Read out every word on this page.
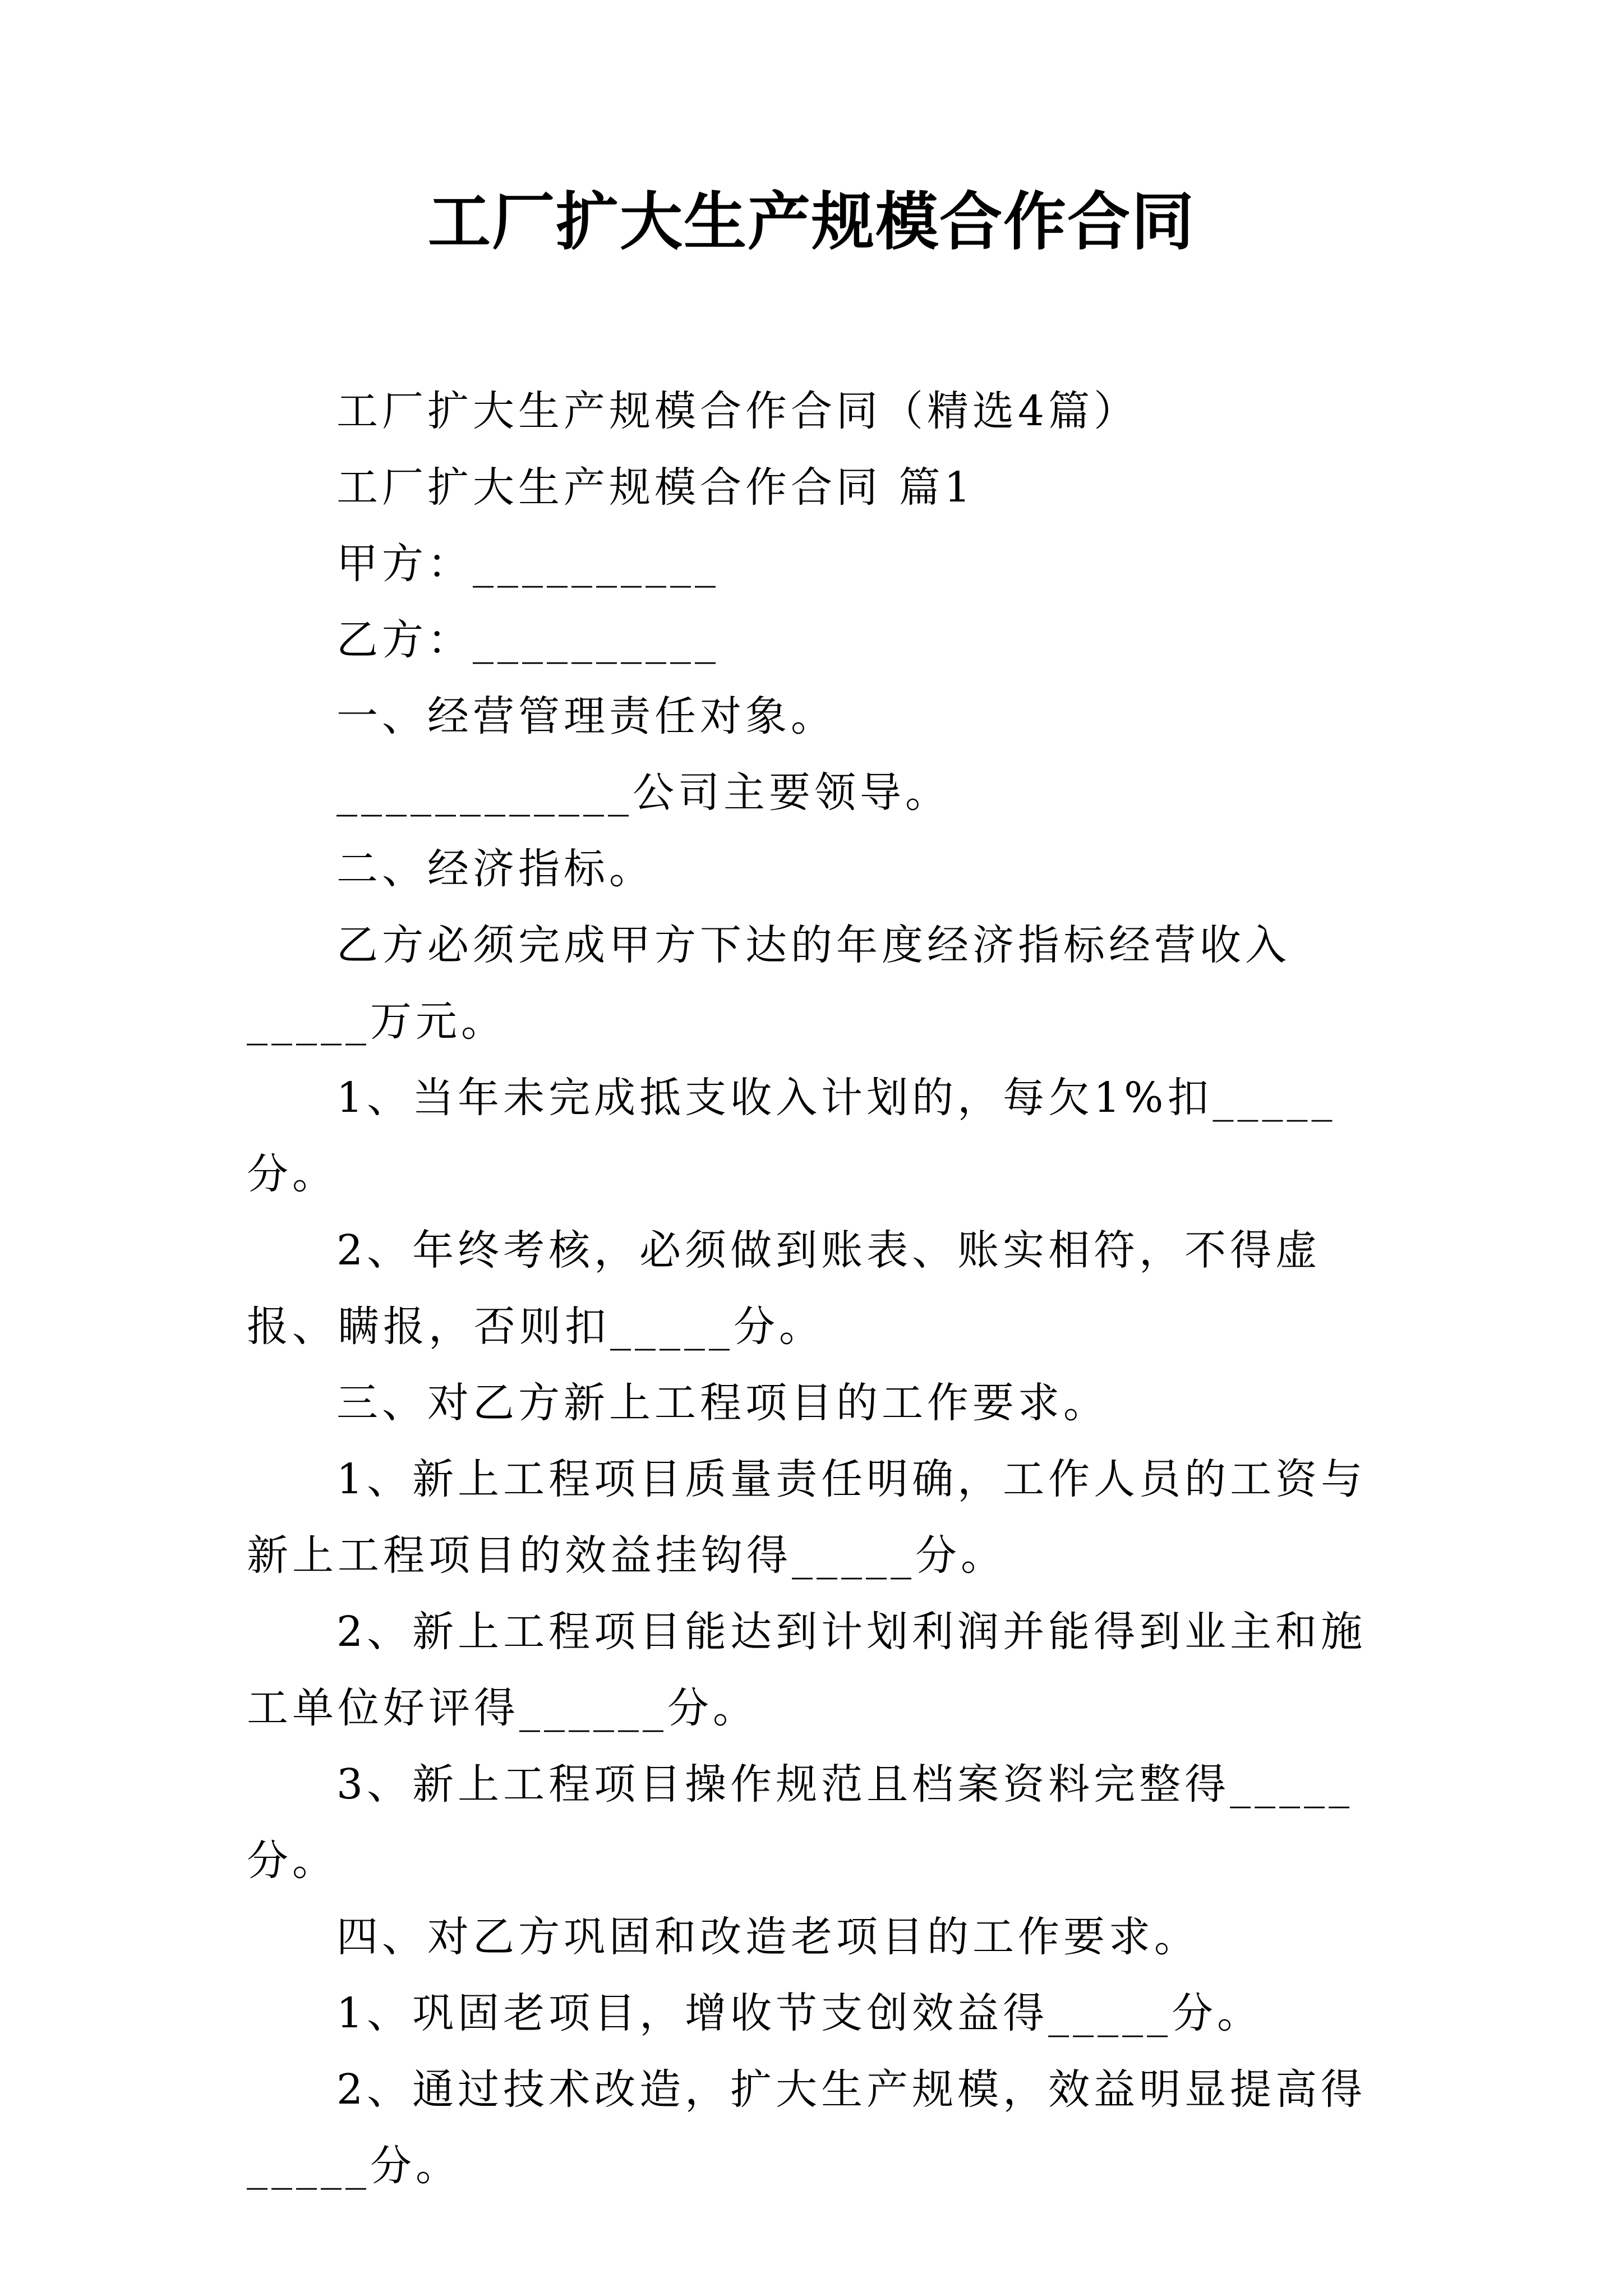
工厂扩大生产规模合作合同

工厂扩大生产规模合作合同（精选4篇）

工厂扩大生产规模合作合同 篇1

甲方：__________

乙方：__________

一、经营管理责任对象。

____________公司主要领导。

二、经济指标。

乙方必须完成甲方下达的年度经济指标经营收入_____万元。

1、当年未完成抵支收入计划的，每欠1%扣_____分。

2、年终考核，必须做到账表、账实相符，不得虚报、瞒报，否则扣_____分。

三、对乙方新上工程项目的工作要求。

1、新上工程项目质量责任明确，工作人员的工资与新上工程项目的效益挂钩得_____分。

2、新上工程项目能达到计划利润并能得到业主和施工单位好评得______分。

3、新上工程项目操作规范且档案资料完整得_____分。

四、对乙方巩固和改造老项目的工作要求。

1、巩固老项目，增收节支创效益得_____分。

2、通过技术改造，扩大生产规模，效益明显提高得_____分。
